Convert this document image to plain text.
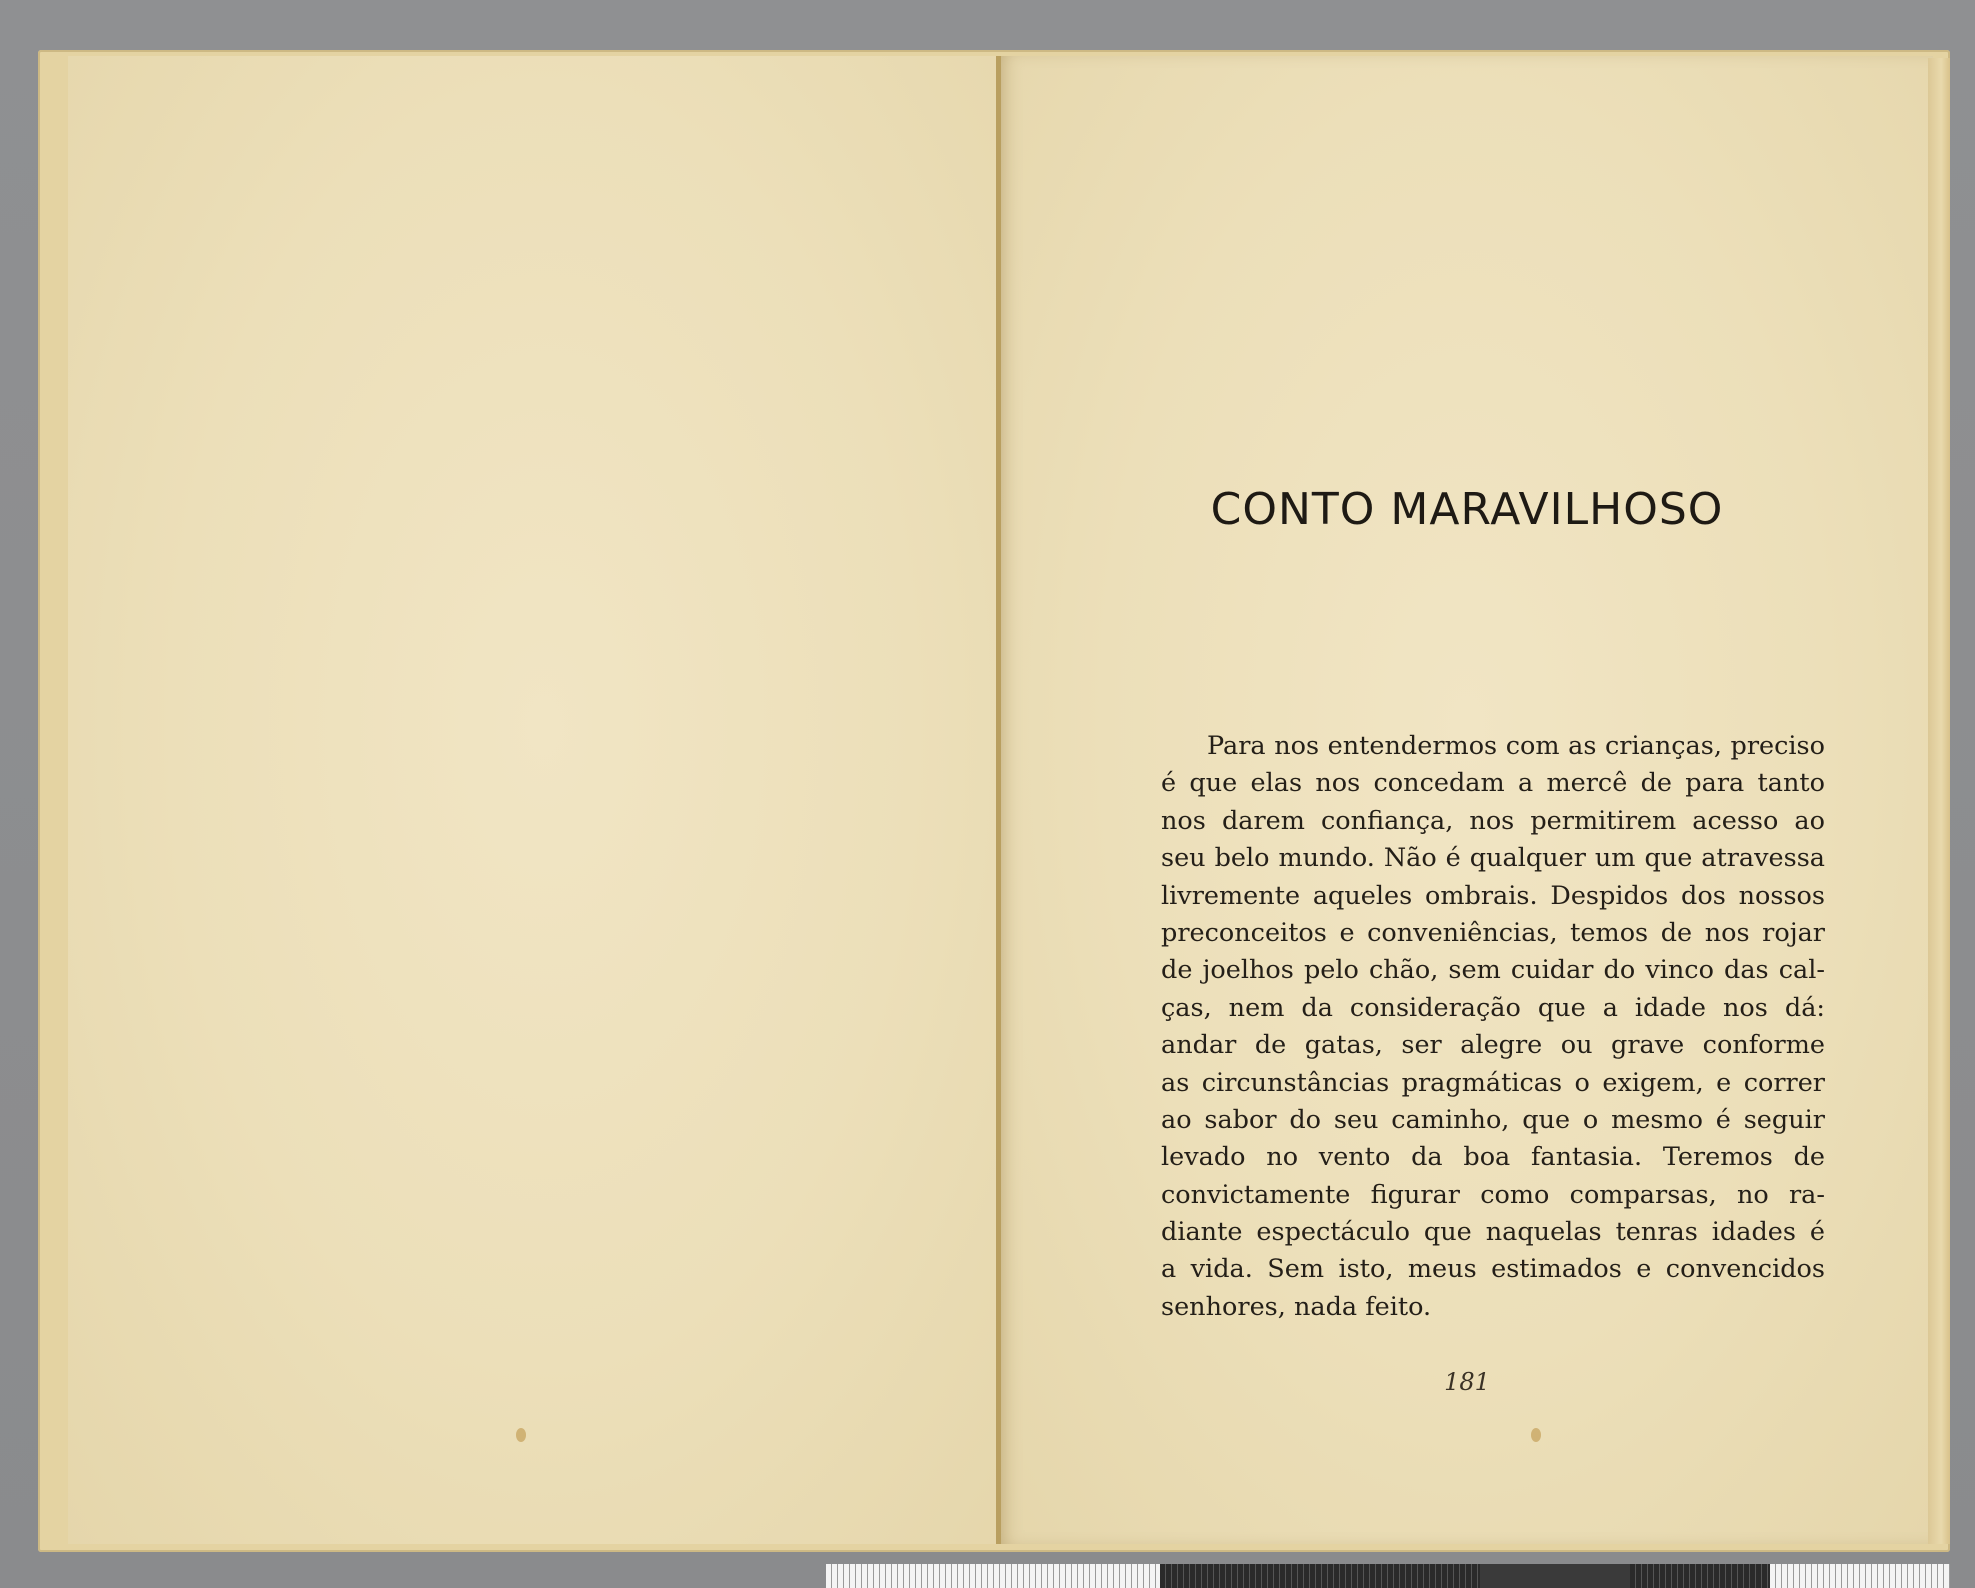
CONTO MARAVILHOSO
Para nos entendermos com as crianças, preciso
é que elas nos concedam a mercê de para tanto
nos darem confiança, nos permitirem acesso ao
seu belo mundo. Não é qualquer um que atravessa
livremente aqueles ombrais. Despidos dos nossos
preconceitos e conveniências, temos de nos rojar
de joelhos pelo chão, sem cuidar do vinco das cal-
ças, nem da consideração que a idade nos dá:
andar de gatas, ser alegre ou grave conforme
as circunstâncias pragmáticas o exigem, e correr
ao sabor do seu caminho, que o mesmo é seguir
levado no vento da boa fantasia. Teremos de
convictamente figurar como comparsas, no ra-
diante espectáculo que naquelas tenras idades é
a vida. Sem isto, meus estimados e convencidos
senhores, nada feito.
181
